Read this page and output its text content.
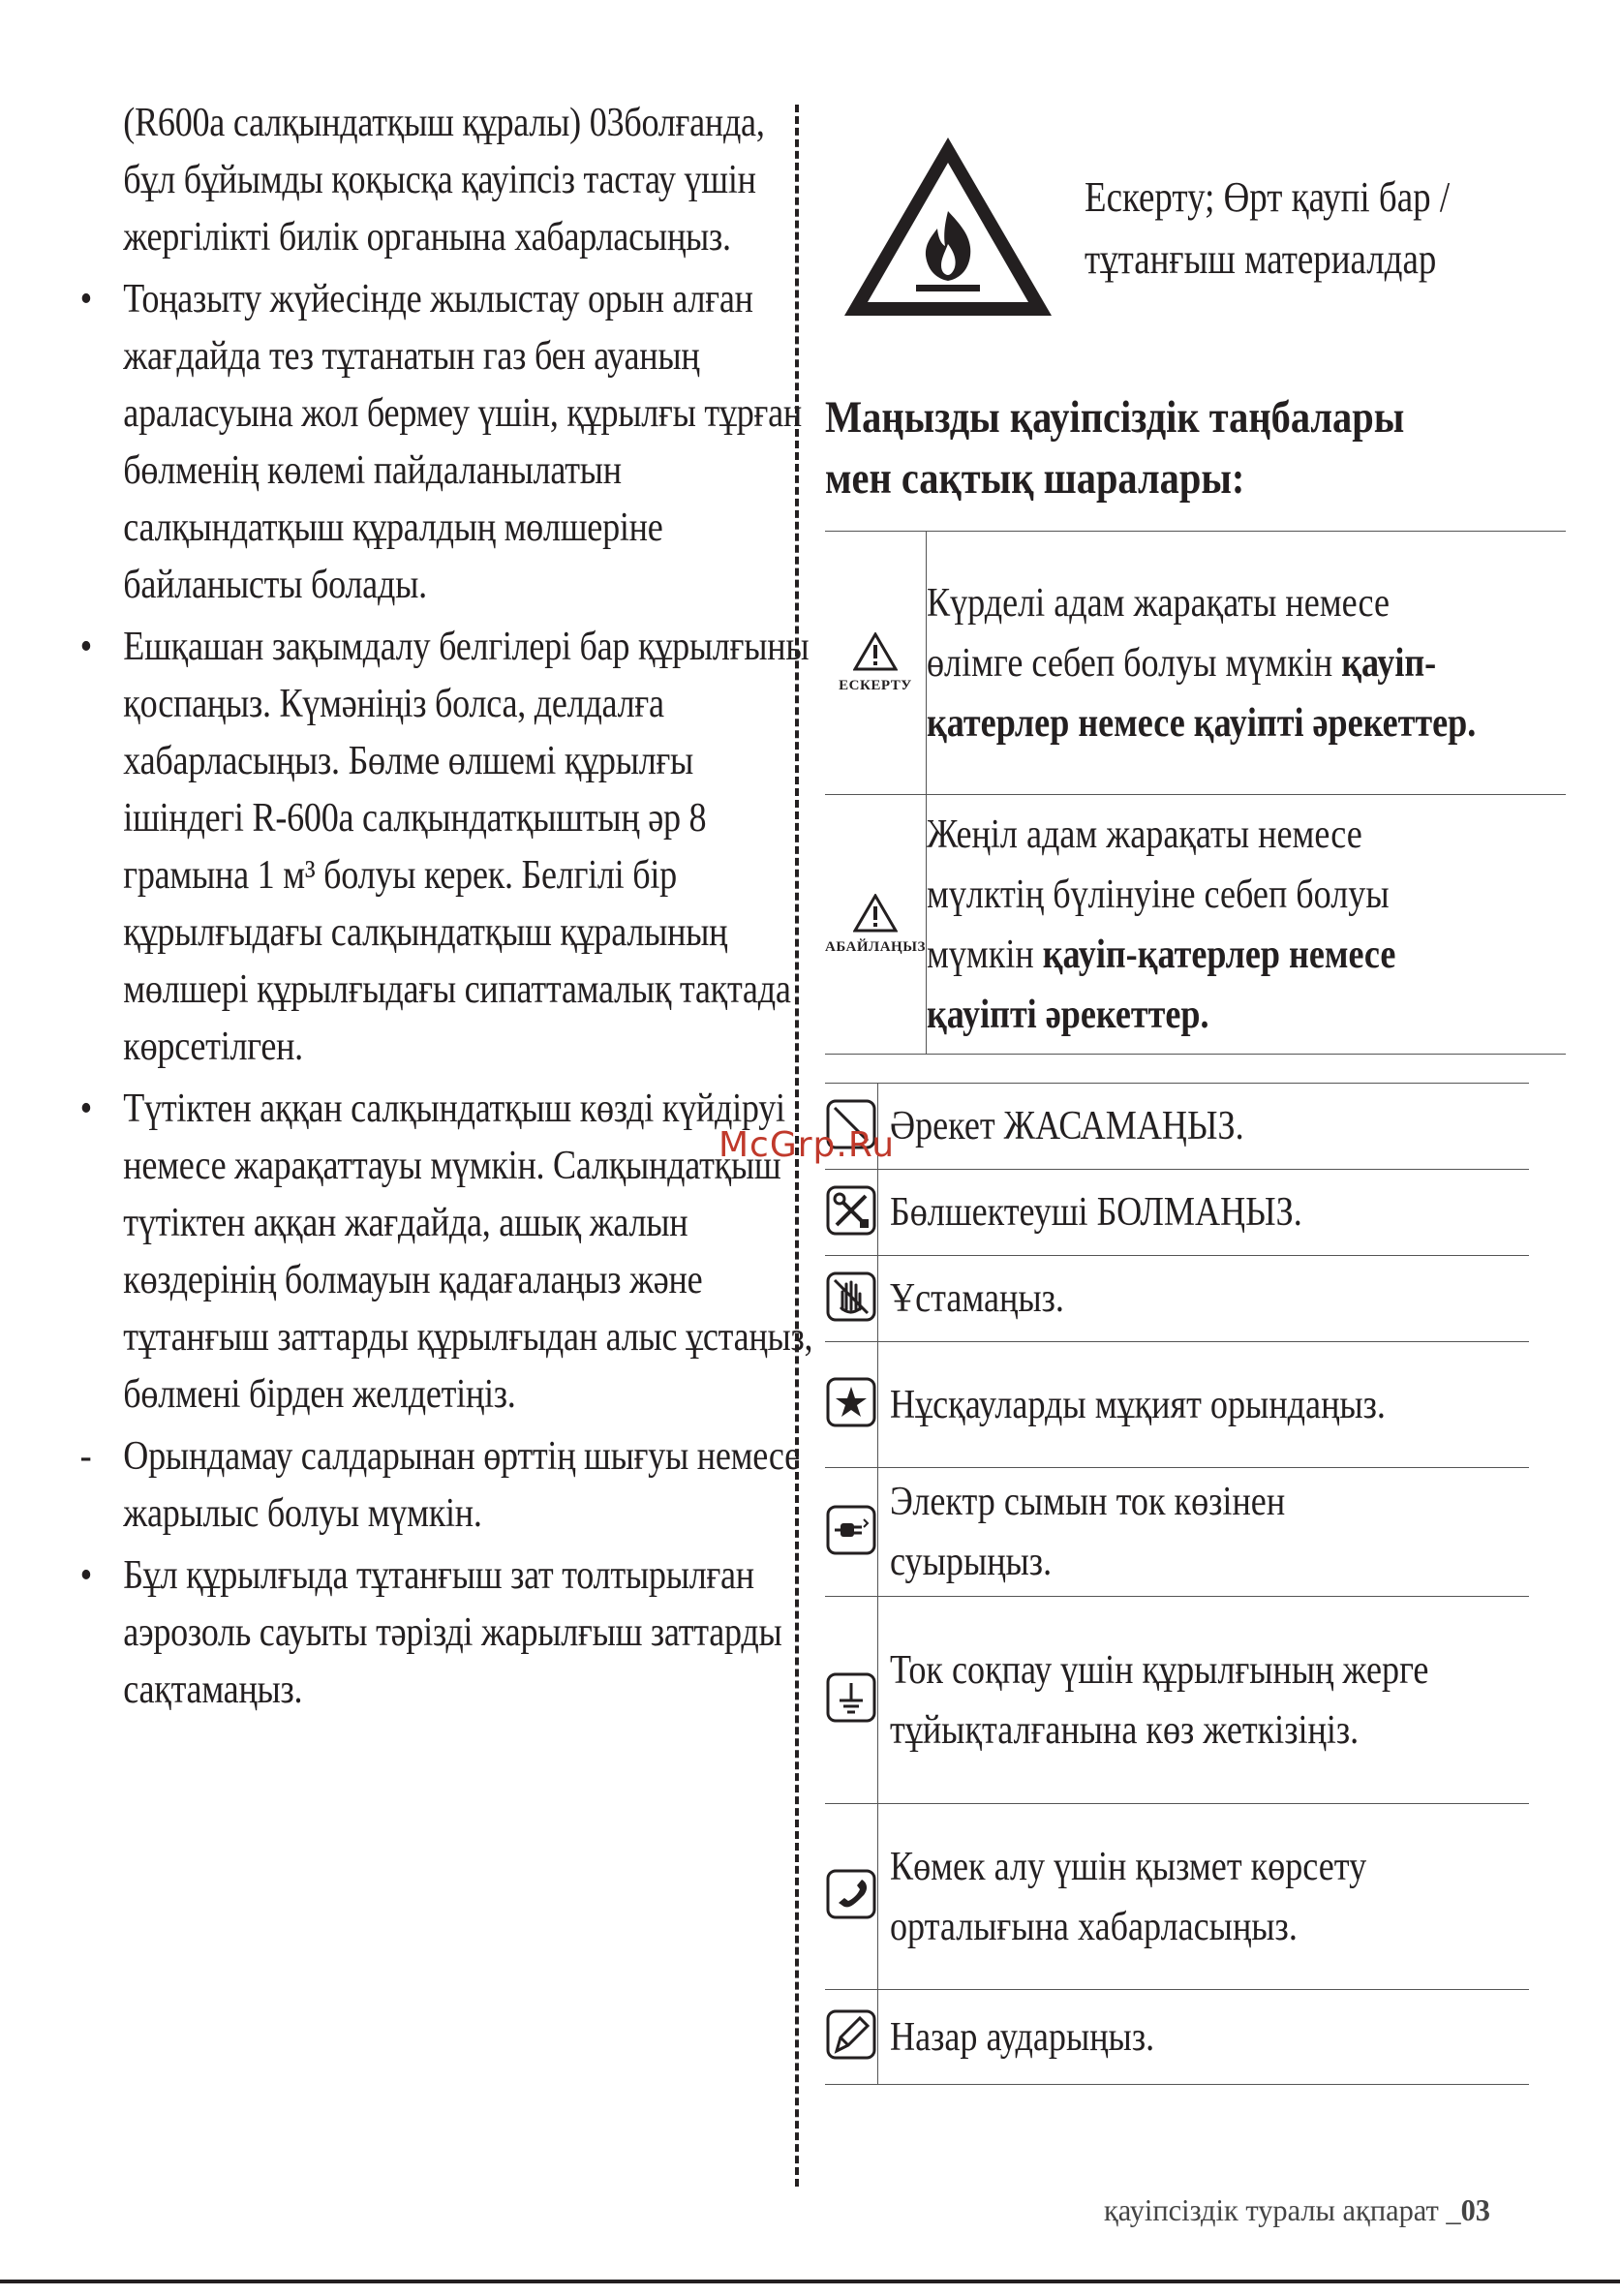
(R600a салқындатқыш құралы) 03болғанда, бұл бұйымды қоқысқа қауіпсіз тастау үшін жергілікті билік органына хабарласыңыз.
• Тоңазыту жүйесінде жылыстау орын алған жағдайда тез тұтанатын газ бен ауаның араласуына жол бермеу үшін, құрылғы тұрған бөлменің көлемі пайдаланылатын салқындатқыш құралдың мөлшеріне байланысты болады.
• Ешқашан зақымдалу белгілері бар құрылғыны қоспаңыз. Күмәніңіз болса, делдалға хабарласыңыз. Бөлме өлшемі құрылғы ішіндегі R-600a салқындатқыштың әр 8 грамына 1 м³ болуы керек. Белгілі бір құрылғыдағы салқындатқыш құралының мөлшері құрылғыдағы сипаттамалық тақтада көрсетілген.
• Түтіктен аққан салқындатқыш көзді күйдіруі немесе жарақаттауы мүмкін. Салқындатқыш түтіктен аққан жағдайда, ашық жалын көздерінің болмауын қадағалаңыз және тұтанғыш заттарды құрылғыдан алыс ұстаңыз, бөлмені бірден желдетіңіз.
- Орындамау салдарынан өрттің шығуы немесе жарылыс болуы мүмкін.
• Бұл құрылғыда тұтанғыш зат толтырылған аэрозоль сауыты тәрізді жарылғыш заттарды сақтамаңыз.
Ескерту; Өрт қаупі бар / тұтанғыш материалдар
Маңызды қауіпсіздік таңбалары мен сақтық шаралары:
ЕСКЕРТУ	Күрделі адам жарақаты немесе өлімге себеп болуы мүмкін қауіп-қатерлер немесе қауіпті әрекеттер.

АБАЙЛАҢЫЗ	Жеңіл адам жарақаты немесе мүлктің бүлінуіне себеп болуы мүмкін қауіп-қатерлер немесе қауіпті әрекеттер.

Әрекет ЖАСАМАҢЫЗ.

Бөлшектеуші БОЛМАҢЫЗ.

Ұстамаңыз.

Нұсқауларды мұқият орындаңыз.

Электр сымын ток көзінен суырыңыз.

Ток соқпау үшін құрылғының жерге тұйықталғанына көз жеткізіңіз.

Көмек алу үшін қызмет көрсету орталығына хабарласыңыз.

Назар аударыңыз.
McGrp.Ru
қауіпсіздік туралы ақпарат _03
